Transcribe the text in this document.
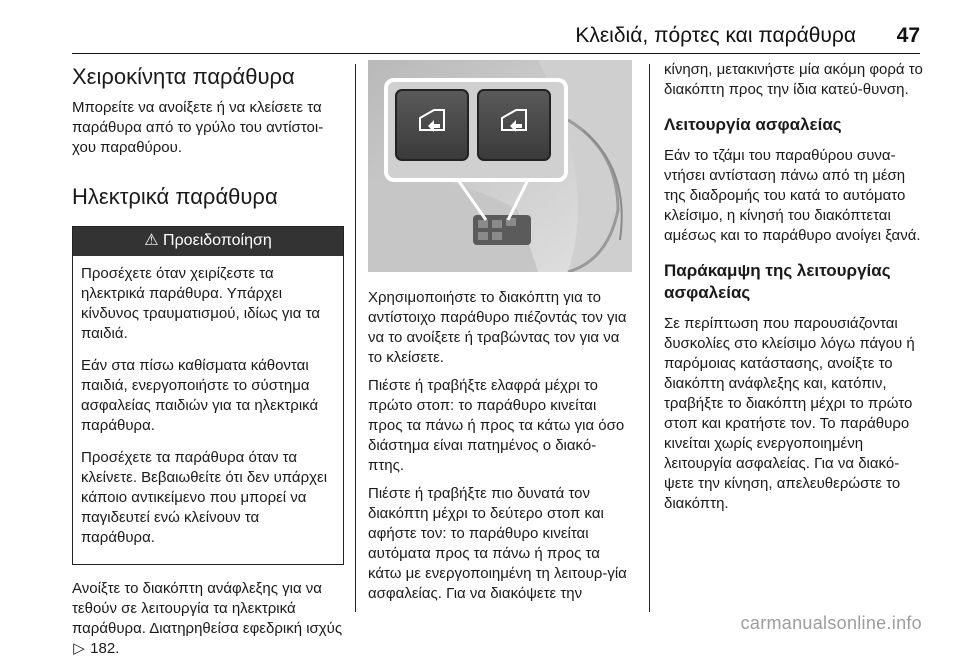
Κλειδιά, πόρτες και παράθυρα 47
Χειροκίνητα παράθυρα

Μπορείτε να ανοίξετε ή να κλείσετε τα παράθυρα από το γρύλο του αντίστοι-χου παραθύρου.

Ηλεκτρικά παράθυρα
⚠ Προειδοποίηση

Προσέχετε όταν χειρίζεστε τα ηλεκτρικά παράθυρα. Υπάρχει κίνδυνος τραυματισμού, ιδίως για τα παιδιά.

Εάν στα πίσω καθίσματα κάθονται παιδιά, ενεργοποιήστε το σύστημα ασφαλείας παιδιών για τα ηλεκτρικά παράθυρα.

Προσέχετε τα παράθυρα όταν τα κλείνετε. Βεβαιωθείτε ότι δεν υπάρχει κάποιο αντικείμενο που μπορεί να παγιδευτεί ενώ κλείνουν τα παράθυρα.

Ανοίξτε το διακόπτη ανάφλεξης για να τεθούν σε λειτουργία τα ηλεκτρικά παράθυρα. Διατηρηθείσα εφεδρική ισχύς ▷ 182.

Χρησιμοποιήστε το διακόπτη για το αντίστοιχο παράθυρο πιέζοντάς τον για να το ανοίξετε ή τραβώντας τον για να το κλείσετε.

Πιέστε ή τραβήξτε ελαφρά μέχρι το πρώτο στοπ: το παράθυρο κινείται προς τα πάνω ή προς τα κάτω για όσο διάστημα είναι πατημένος ο διακό-πτης.

Πιέστε ή τραβήξτε πιο δυνατά τον διακόπτη μέχρι το δεύτερο στοπ και αφήστε τον: το παράθυρο κινείται αυτόματα προς τα πάνω ή προς τα κάτω με ενεργοποιημένη τη λειτουρ-γία ασφαλείας. Για να διακόψετε την

κίνηση, μετακινήστε μία ακόμη φορά το διακόπτη προς την ίδια κατεύ-θυνση.

Λειτουργία ασφαλείας

Εάν το τζάμι του παραθύρου συνα-ντήσει αντίσταση πάνω από τη μέση της διαδρομής του κατά το αυτόματο κλείσιμο, η κίνησή του διακόπτεται αμέσως και το παράθυρο ανοίγει ξανά.

Παράκαμψη της λειτουργίας ασφαλείας

Σε περίπτωση που παρουσιάζονται δυσκολίες στο κλείσιμο λόγω πάγου ή παρόμοιας κατάστασης, ανοίξτε το διακόπτη ανάφλεξης και, κατόπιν, τραβήξτε το διακόπτη μέχρι το πρώτο στοπ και κρατήστε τον. Το παράθυρο κινείται χωρίς ενεργοποιημένη λειτουργία ασφαλείας. Για να διακό-ψετε την κίνηση, απελευθερώστε το διακόπτη.

carmanualsonline.info
